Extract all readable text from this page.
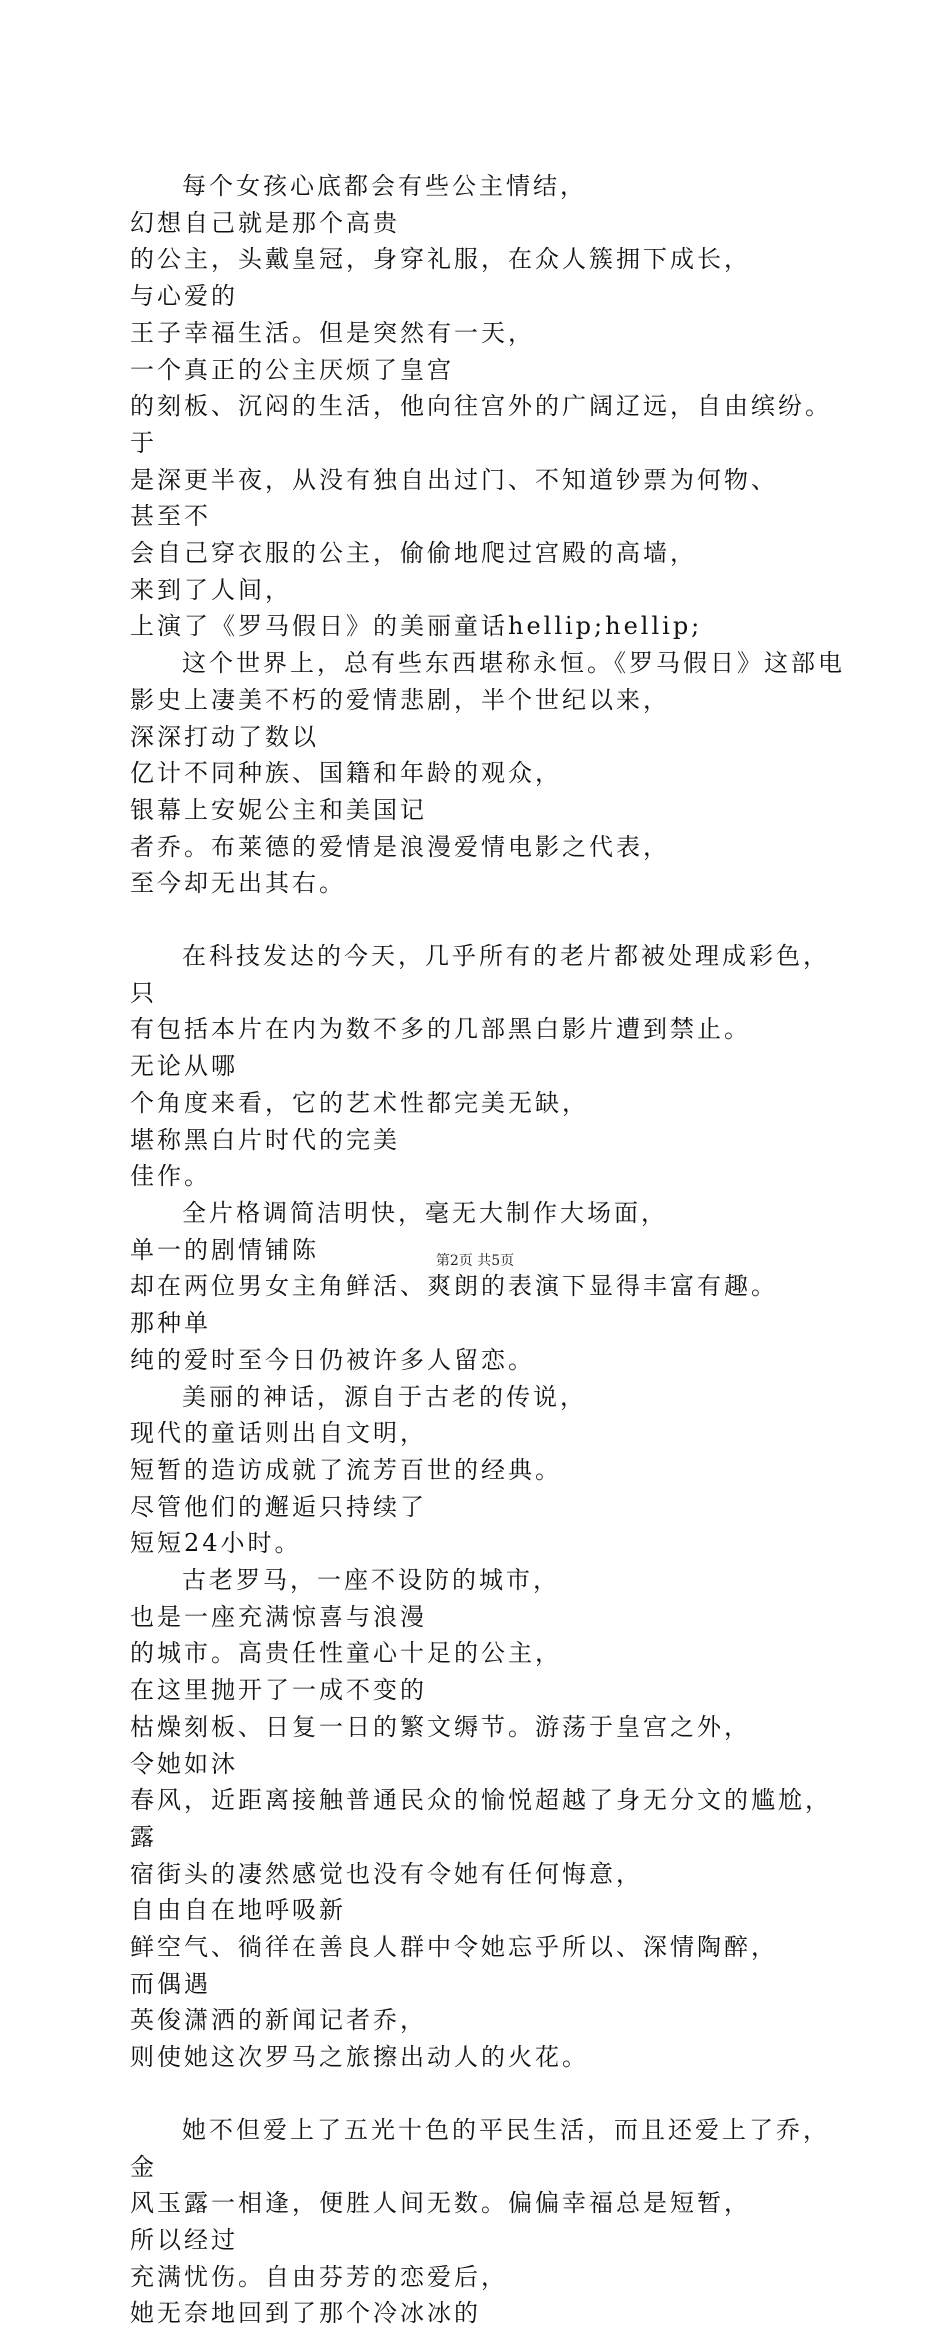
每个女孩心底都会有些公主情结，幻想自己就是那个高贵
的公主，头戴皇冠，身穿礼服，在众人簇拥下成长，与心爱的
王子幸福生活。但是突然有一天，一个真正的公主厌烦了皇宫
的刻板、沉闷的生活，他向往宫外的广阔辽远，自由缤纷。于
是深更半夜，从没有独自出过门、不知道钞票为何物、甚至不
会自己穿衣服的公主，偷偷地爬过宫殿的高墙，来到了人间，
上演了《罗马假日》的美丽童话hellip;hellip;

这个世界上，总有些东西堪称永恒。《罗马假日》这部电
影史上凄美不朽的爱情悲剧，半个世纪以来，深深打动了数以
亿计不同种族、国籍和年龄的观众，银幕上安妮公主和美国记
者乔。布莱德的爱情是浪漫爱情电影之代表，至今却无出其右。

在科技发达的今天，几乎所有的老片都被处理成彩色，只
有包括本片在内为数不多的几部黑白影片遭到禁止。无论从哪
个角度来看，它的艺术性都完美无缺，堪称黑白片时代的完美
佳作。

全片格调简洁明快，毫无大制作大场面，单一的剧情铺陈
却在两位男女主角鲜活、爽朗的表演下显得丰富有趣。那种单
纯的爱时至今日仍被许多人留恋。

美丽的神话，源自于古老的传说，现代的童话则出自文明，
短暂的造访成就了流芳百世的经典。尽管他们的邂逅只持续了
短短24小时。

古老罗马，一座不设防的城市，也是一座充满惊喜与浪漫
的城市。高贵任性童心十足的公主，在这里抛开了一成不变的
枯燥刻板、日复一日的繁文缛节。游荡于皇宫之外，令她如沐
春风，近距离接触普通民众的愉悦超越了身无分文的尴尬，露
宿街头的凄然感觉也没有令她有任何悔意，自由自在地呼吸新
鲜空气、徜徉在善良人群中令她忘乎所以、深情陶醉，而偶遇
英俊潇洒的新闻记者乔，则使她这次罗马之旅擦出动人的火花。

她不但爱上了五光十色的平民生活，而且还爱上了乔，金
风玉露一相逢，便胜人间无数。偏偏幸福总是短暂，所以经过
充满忧伤。自由芬芳的恋爱后，她无奈地回到了那个冷冰冰的

第2页 共5页
